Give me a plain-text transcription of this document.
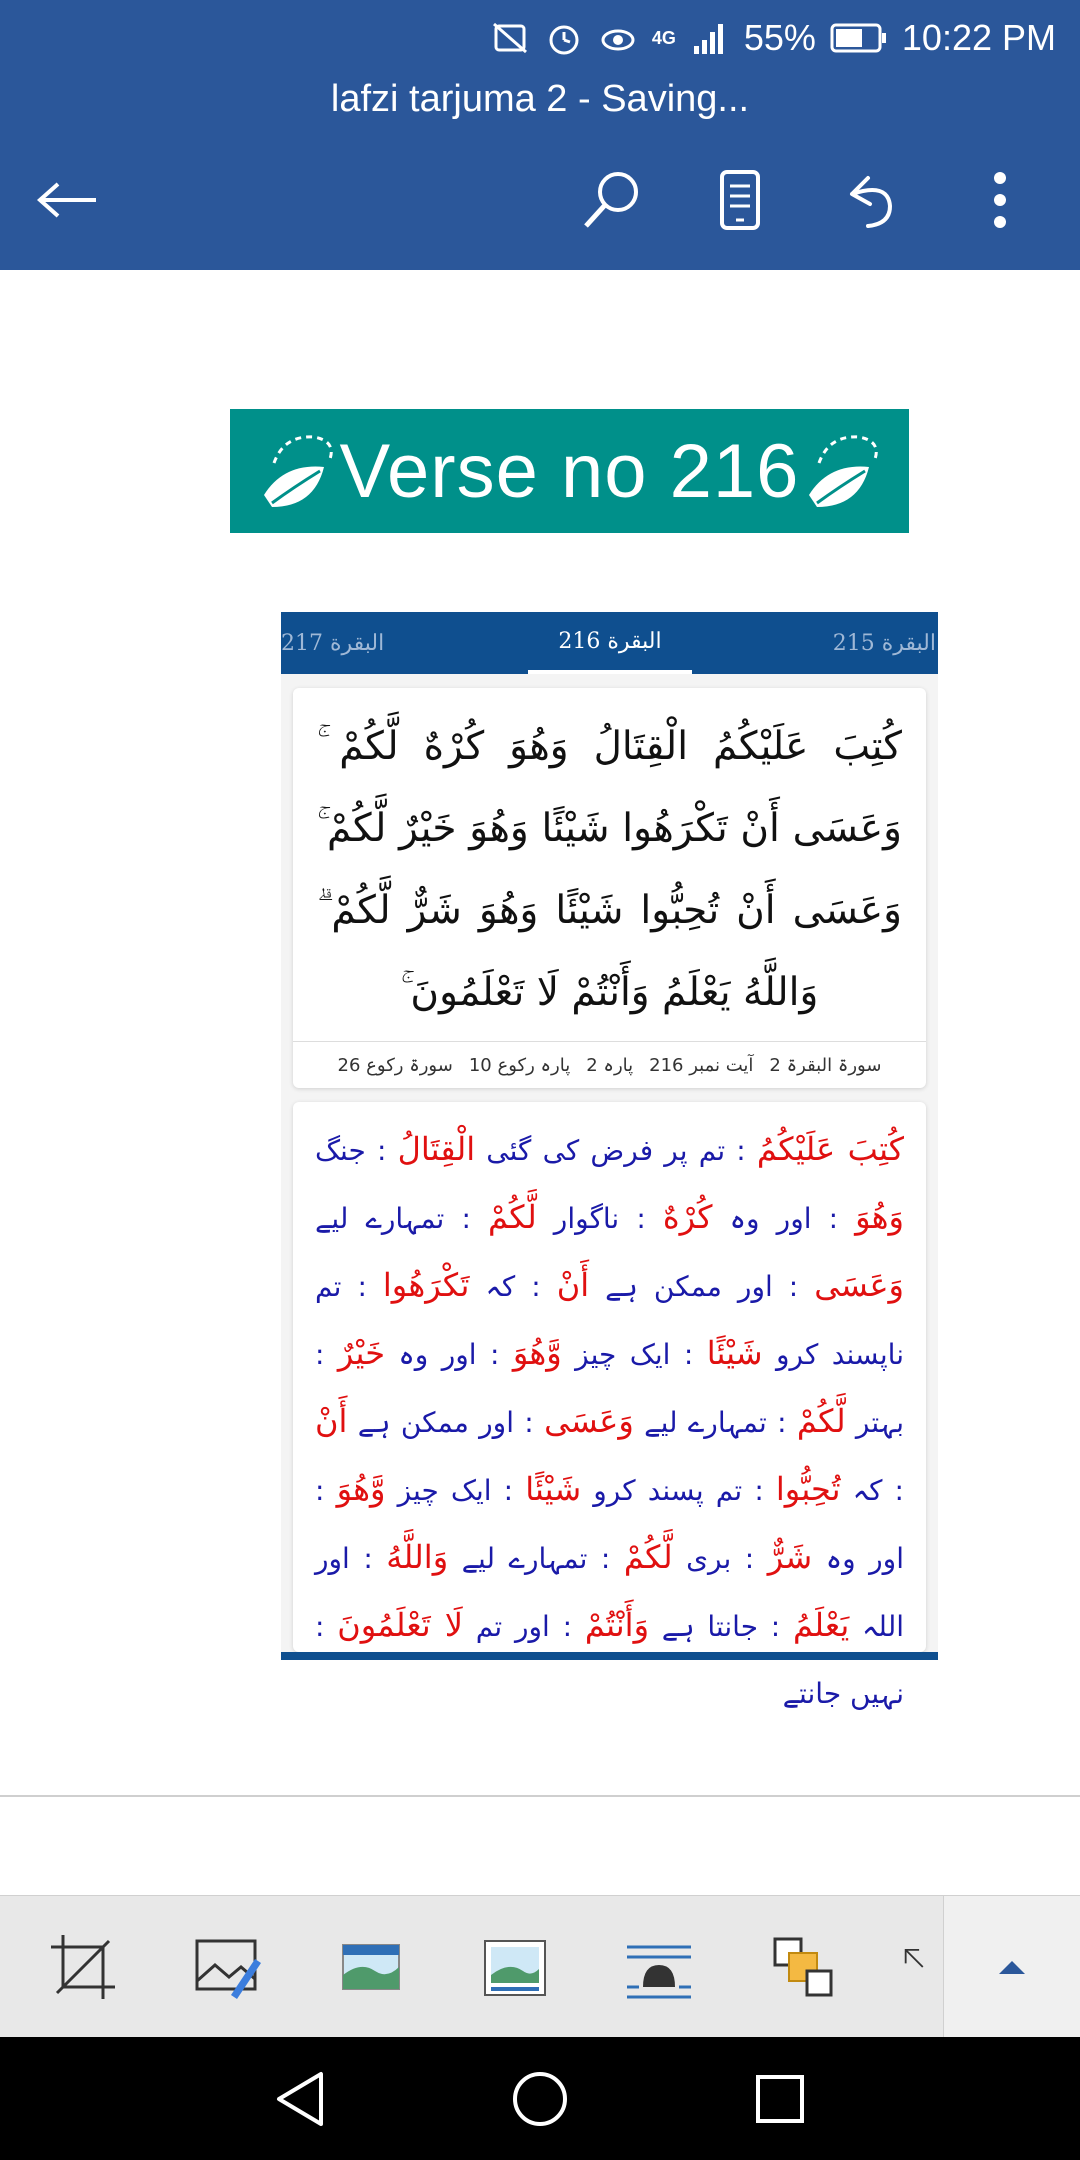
4G 55% 10:22 PM
lafzi tarjuma 2 - Saving...
Verse no 216
البقرة 217	البقرة 216	البقرة 215
كُتِبَ عَلَيْكُمُ الْقِتَالُ وَهُوَ كُرْهٌ لَّكُمْ ۚ وَعَسَى أَنْ تَكْرَهُوا شَيْئًا وَهُوَ خَيْرٌ لَّكُمْ ۚ وَعَسَى أَنْ تُحِبُّوا شَيْئًا وَهُوَ شَرٌّ لَّكُمْ ۗ وَاللَّهُ يَعْلَمُ وَأَنْتُمْ لَا تَعْلَمُونَ ۚ
سورۃ البقرۃ 2
آیت نمبر 216
پارہ 2
پارہ رکوع 10
سورۃ رکوع 26
كُتِبَ عَلَيْكُمُ : تم پر فرض کی گئی الْقِتَالُ : جنگ وَهُوَ : اور وہ كُرْهٌ : ناگوار لَّكُمْ : تمہارے لیے وَعَسَى : اور ممکن ہے أَنْ : کہ تَكْرَهُوا : تم ناپسند کرو شَيْئًا : ایک چیز وَّهُوَ : اور وہ خَيْرٌ : بہتر لَّكُمْ : تمہارے لیے وَعَسَى : اور ممکن ہے أَنْ : کہ تُحِبُّوا : تم پسند کرو شَيْئًا : ایک چیز وَّهُوَ : اور وہ شَرٌّ : بری لَّكُمْ : تمہارے لیے وَاللَّهُ : اور اللہ يَعْلَمُ : جانتا ہے وَأَنْتُمْ : اور تم لَا تَعْلَمُونَ : نہیں جانتے
